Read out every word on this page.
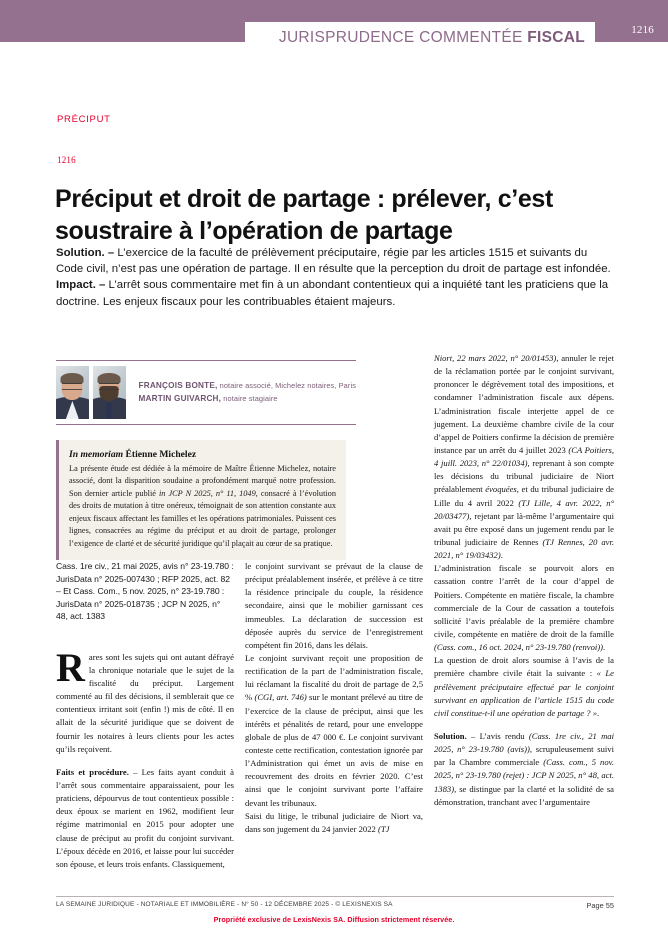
JURISPRUDENCE COMMENTÉE FISCAL	1216
PRÉCIPUT
1216
Préciput et droit de partage : prélever, c’est soustraire à l’opération de partage
Solution. – L’exercice de la faculté de prélèvement préciputaire, régie par les articles 1515 et suivants du Code civil, n’est pas une opération de partage. Il en résulte que la perception du droit de partage est infondée.
Impact. – L’arrêt sous commentaire met fin à un abondant contentieux qui a inquiété tant les praticiens que la doctrine. Les enjeux fiscaux pour les contribuables étaient majeurs.
FRANÇOIS BONTE, notaire associé, Michelez notaires, Paris
MARTIN GUIVARCH, notaire stagiaire
In memoriam Étienne Michelez
La présente étude est dédiée à la mémoire de Maître Étienne Michelez, notaire associé, dont la disparition soudaine a profondément marqué notre profession. Son dernier article publié in JCP N 2025, n° 11, 1049, consacré à l’évolution des droits de mutation à titre onéreux, témoignait de son attention constante aux enjeux fiscaux affectant les familles et les opérations patrimoniales. Puissent ces lignes, consacrées au régime du préciput et au droit de partage, prolonger l’exigence de clarté et de sécurité juridique qu’il plaçait au cœur de sa pratique.
Cass. 1re civ., 21 mai 2025, avis n° 23-19.780 : JurisData n° 2025-007430 ; RFP 2025, act. 82 – Et Cass. Com., 5 nov. 2025, n° 23-19.780 : JurisData n° 2025-018735 ; JCP N 2025, n° 48, act. 1383
Rares sont les sujets qui ont autant défrayé la chronique notariale que le sujet de la fiscalité du préciput. Largement commenté au fil des décisions, il semblerait que ce contentieux irritant soit (enfin !) mis de côté. Il en allait de la sécurité juridique que se doivent de fournir les notaires à leurs clients pour les actes qu’ils reçoivent.

Faits et procédure. – Les faits ayant conduit à l’arrêt sous commentaire apparaissaient, pour les praticiens, dépourvus de tout contentieux possible : deux époux se marient en 1962, modifient leur régime matrimonial en 2015 pour adopter une clause de préciput au profit du conjoint survivant. L’époux décède en 2016, et laisse pour lui succéder son épouse, et leurs trois enfants. Classiquement,

le conjoint survivant se prévaut de la clause de préciput préalablement insérée, et prélève à ce titre la résidence principale du couple, la résidence secondaire, ainsi que le mobilier garnissant ces immeubles. La déclaration de succession est déposée auprès du service de l’enregistrement compétent fin 2016, dans les délais.

Le conjoint survivant reçoit une proposition de rectification de la part de l’administration fiscale, lui réclamant la fiscalité du droit de partage de 2,5 % (CGI, art. 746) sur le montant prélevé au titre de l’exercice de la clause de préciput, ainsi que les intérêts et pénalités de retard, pour une enveloppe globale de plus de 47 000 €. Le conjoint survivant conteste cette rectification, contestation ignorée par l’Administration qui émet un avis de mise en recouvrement des droits en février 2020. C’est ainsi que le conjoint survivant porte l’affaire devant les tribunaux.

Saisi du litige, le tribunal judiciaire de Niort va, dans son jugement du 24 janvier 2022 (TJ

Niort, 22 mars 2022, n° 20/01453), annuler le rejet de la réclamation portée par le conjoint survivant, prononcer le dégrèvement total des impositions, et condamner l’administration fiscale aux dépens. L’administration fiscale interjette appel de ce jugement. La deuxième chambre civile de la cour d’appel de Poitiers confirme la décision de première instance par un arrêt du 4 juillet 2023 (CA Poitiers, 4 juill. 2023, n° 22/01034), reprenant à son compte les décisions du tribunal judiciaire de Niort préalablement évoquées, et du tribunal judiciaire de Lille du 4 avril 2022 (TJ Lille, 4 avr. 2022, n° 20/03477), rejetant par là-même l’argumentaire qui avait pu être exposé dans un jugement rendu par le tribunal judiciaire de Rennes (TJ Rennes, 20 avr. 2021, n° 19/03432).

L’administration fiscale se pourvoit alors en cassation contre l’arrêt de la cour d’appel de Poitiers. Compétente en matière fiscale, la chambre commerciale de la Cour de cassation a toutefois sollicité l’avis préalable de la première chambre civile, compétente en matière de droit de la famille (Cass. com., 16 oct. 2024, n° 23-19.780 (renvoi)).

La question de droit alors soumise à l’avis de la première chambre civile était la suivante : « Le prélèvement préciputaire effectué par le conjoint survivant en application de l’article 1515 du code civil constitue-t-il une opération de partage ? ».

Solution. – L’avis rendu (Cass. 1re civ., 21 mai 2025, n° 23-19.780 (avis)), scrupuleusement suivi par la Chambre commerciale (Cass. com., 5 nov. 2025, n° 23-19.780 (rejet) : JCP N 2025, n° 48, act. 1383), se distingue par la clarté et la solidité de sa démonstration, tranchant avec l’argumentaire

LA SEMAINE JURIDIQUE - NOTARIALE ET IMMOBILIÈRE - N° 50 - 12 DÉCEMBRE 2025 - © LEXISNEXIS SA	Page 55
Propriété exclusive de LexisNexis SA. Diffusion strictement réservée.
